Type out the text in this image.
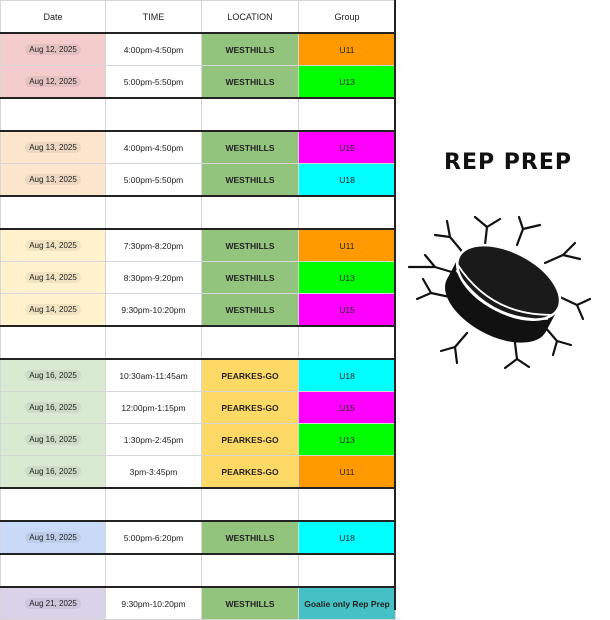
Date	TIME	LOCATION	Group
Aug 12, 2025	4:00pm-4:50pm	WESTHILLS	U11
Aug 12, 2025	5:00pm-5:50pm	WESTHILLS	U13

Aug 13, 2025	4:00pm-4:50pm	WESTHILLS	U15
Aug 13, 2025	5:00pm-5:50pm	WESTHILLS	U18

Aug 14, 2025	7:30pm-8:20pm	WESTHILLS	U11
Aug 14, 2025	8:30pm-9:20pm	WESTHILLS	U13
Aug 14, 2025	9:30pm-10:20pm	WESTHILLS	U15

Aug 16, 2025	10:30am-11:45am	PEARKES-GO	U18
Aug 16, 2025	12:00pm-1:15pm	PEARKES-GO	U15
Aug 16, 2025	1:30pm-2:45pm	PEARKES-GO	U13
Aug 16, 2025	3pm-3:45pm	PEARKES-GO	U11

Aug 19, 2025	5:00pm-6:20pm	WESTHILLS	U18

Aug 21, 2025	9:30pm-10:20pm	WESTHILLS	Goalie only Rep Prep
REP PREP
